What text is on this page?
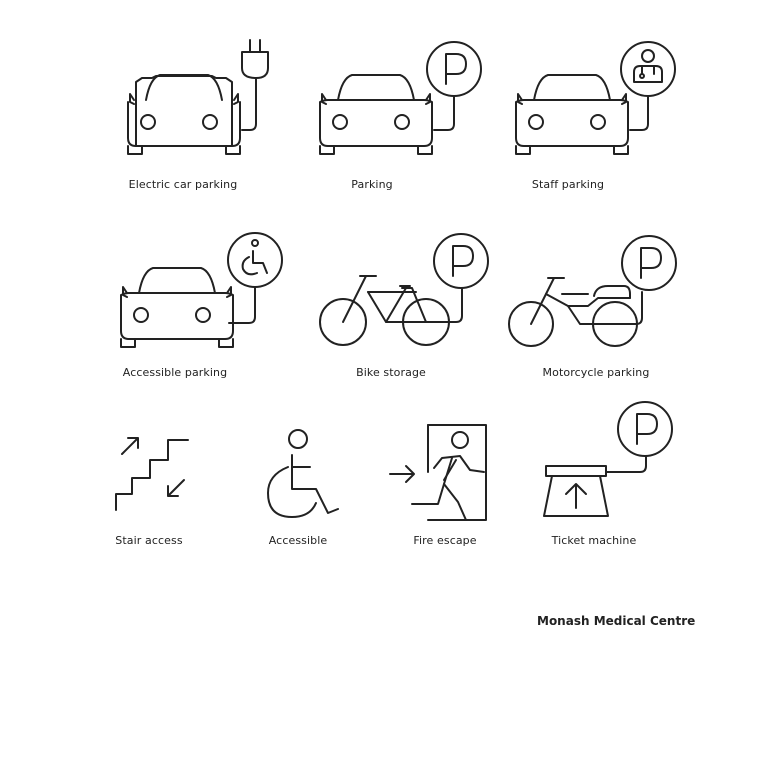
Electric car parking	Parking	Staff parking
Accessible parking	Bike storage	Motorcycle parking
Stair access	Accessible	Fire escape	Ticket machine
Monash Medical Centre
